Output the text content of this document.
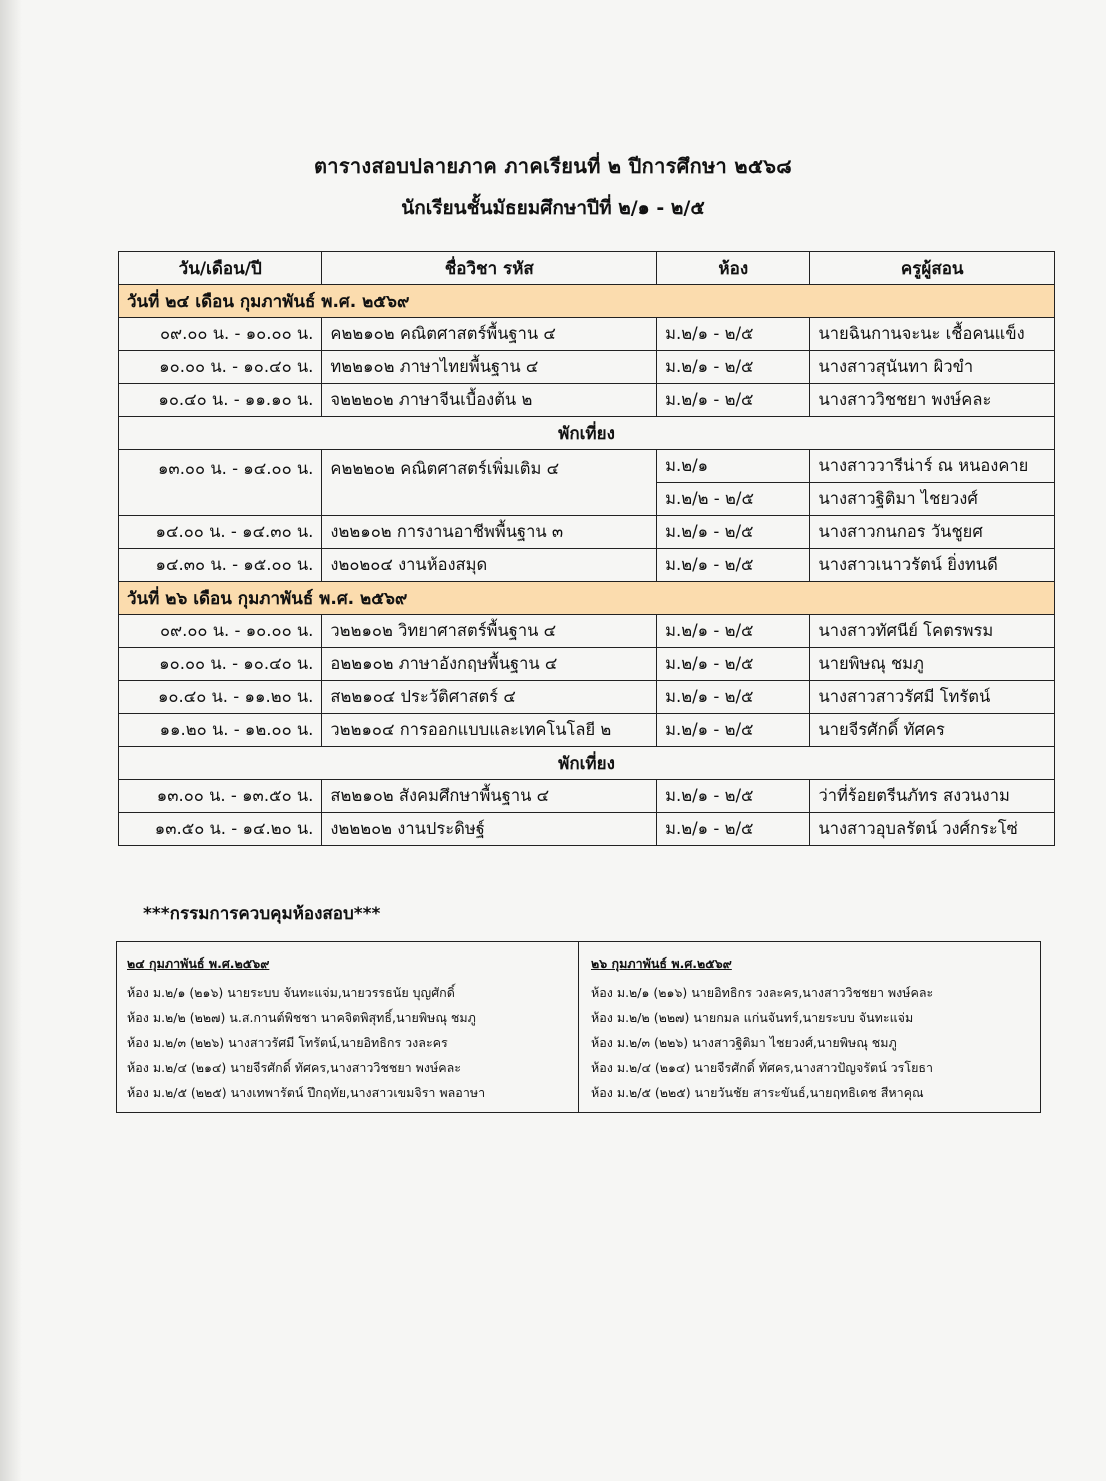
ตารางสอบปลายภาค ภาคเรียนที่ ๒ ปีการศึกษา ๒๕๖๘
นักเรียนชั้นมัธยมศึกษาปีที่ ๒/๑ - ๒/๕
วัน/เดือน/ปี	ชื่อวิชา รหัส	ห้อง	ครูผู้สอน
วันที่ ๒๔ เดือน กุมภาพันธ์ พ.ศ. ๒๕๖๙			
๐๙.๐๐ น. - ๑๐.๐๐ น.	ค๒๒๑๐๒ คณิตศาสตร์พื้นฐาน ๔	ม.๒/๑ - ๒/๕	นายฉินกานจะนะ เชื้อคนแข็ง
๑๐.๐๐ น. - ๑๐.๔๐ น.	ท๒๒๑๐๒ ภาษาไทยพื้นฐาน ๔	ม.๒/๑ - ๒/๕	นางสาวสุนันทา ผิวขำ
๑๐.๔๐ น. - ๑๑.๑๐ น.	จ๒๒๒๐๒ ภาษาจีนเบื้องต้น ๒	ม.๒/๑ - ๒/๕	นางสาววิชชยา พงษ์คละ
พักเที่ยง			
๑๓.๐๐ น. - ๑๔.๐๐ น.	ค๒๒๒๐๒ คณิตศาสตร์เพิ่มเติม ๔	ม.๒/๑	นางสาววารีน่าร์ ณ หนองคาย
		ม.๒/๒ - ๒/๕	นางสาวฐิติมา ไชยวงศ์
๑๔.๐๐ น. - ๑๔.๓๐ น.	ง๒๒๑๐๒ การงานอาชีพพื้นฐาน ๓	ม.๒/๑ - ๒/๕	นางสาวกนกอร วันชูยศ
๑๔.๓๐ น. - ๑๕.๐๐ น.	ง๒๐๒๐๔ งานห้องสมุด	ม.๒/๑ - ๒/๕	นางสาวเนาวรัตน์ ยิ่งทนดี
วันที่ ๒๖ เดือน กุมภาพันธ์ พ.ศ. ๒๕๖๙			
๐๙.๐๐ น. - ๑๐.๐๐ น.	ว๒๒๑๐๒ วิทยาศาสตร์พื้นฐาน ๔	ม.๒/๑ - ๒/๕	นางสาวทัศนีย์ โคตรพรม
๑๐.๐๐ น. - ๑๐.๔๐ น.	อ๒๒๑๐๒ ภาษาอังกฤษพื้นฐาน ๔	ม.๒/๑ - ๒/๕	นายพิษณุ ชมภู
๑๐.๔๐ น. - ๑๑.๒๐ น.	ส๒๒๑๐๔ ประวัติศาสตร์ ๔	ม.๒/๑ - ๒/๕	นางสาวสาวรัศมี โทรัตน์
๑๑.๒๐ น. - ๑๒.๐๐ น.	ว๒๒๑๐๔ การออกแบบและเทคโนโลยี ๒	ม.๒/๑ - ๒/๕	นายจีรศักดิ์ ทัศคร
พักเที่ยง			
๑๓.๐๐ น. - ๑๓.๕๐ น.	ส๒๒๑๐๒ สังคมศึกษาพื้นฐาน ๔	ม.๒/๑ - ๒/๕	ว่าที่ร้อยตรีนภัทร สงวนงาม
๑๓.๕๐ น. - ๑๔.๒๐ น.	ง๒๒๒๐๒ งานประดิษฐ์	ม.๒/๑ - ๒/๕	นางสาวอุบลรัตน์ วงศ์กระโซ่
***กรรมการควบคุมห้องสอบ***
๒๔ กุมภาพันธ์ พ.ศ.๒๕๖๙
ห้อง ม.๒/๑ (๒๑๖) นายระบบ จันทะแจ่ม,นายวรรธนัย บุญศักดิ์
ห้อง ม.๒/๒ (๒๒๗) น.ส.กานต์พิชชา นาคจิตพิสุทธิ์,นายพิษณุ ชมภู
ห้อง ม.๒/๓ (๒๒๖) นางสาวรัศมี โทรัตน์,นายอิทธิกร วงละคร
ห้อง ม.๒/๔ (๒๑๔) นายจีรศักดิ์ ทัศคร,นางสาววิชชยา พงษ์คละ
ห้อง ม.๒/๕ (๒๒๕) นางเทพารัตน์ ปึกฤทัย,นางสาวเขมจิรา พลอาษา
๒๖ กุมภาพันธ์ พ.ศ.๒๕๖๙
ห้อง ม.๒/๑ (๒๑๖) นายอิทธิกร วงละคร,นางสาววิชชยา พงษ์คละ
ห้อง ม.๒/๒ (๒๒๗) นายกมล แก่นจันทร์,นายระบบ จันทะแจ่ม
ห้อง ม.๒/๓ (๒๒๖) นางสาวฐิติมา ไชยวงศ์,นายพิษณุ ชมภู
ห้อง ม.๒/๔ (๒๑๔) นายจีรศักดิ์ ทัศคร,นางสาวปัญจรัตน์ วรโยธา
ห้อง ม.๒/๕ (๒๒๕) นายวันชัย สาระขันธ์,นายฤทธิเดช สีหาคุณ
